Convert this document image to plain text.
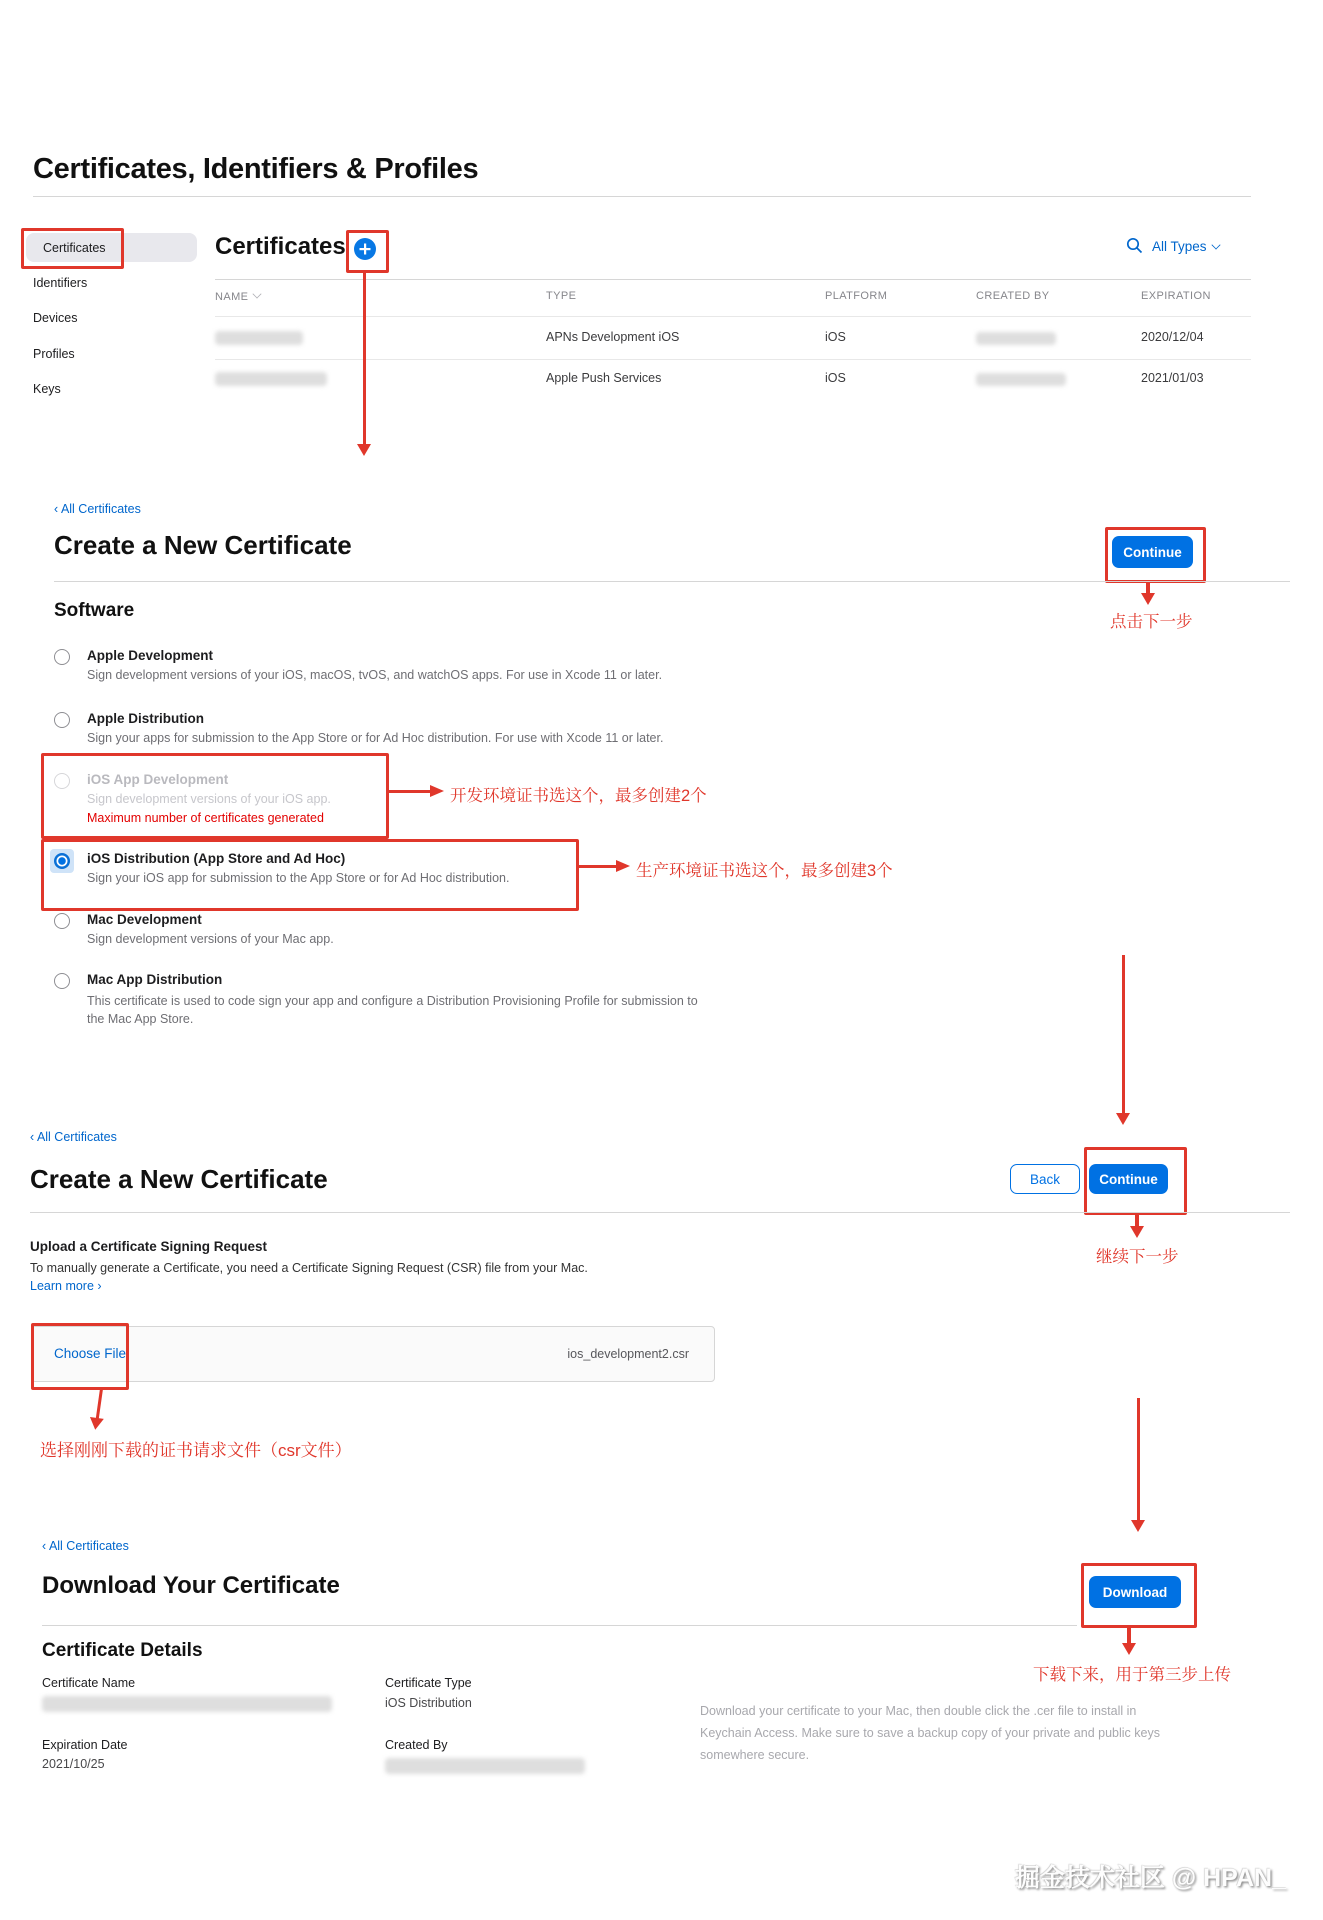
Certificates, Identifiers & Profiles
Certificates
Identifiers
Devices
Profiles
Keys
Certificates	All Types
NAME	TYPE	PLATFORM	CREATED BY	EXPIRATION
APNs Development iOS	iOS	2020/12/04
Apple Push Services	iOS	2021/01/03
‹ All Certificates
Create a New Certificate	Continue
点击下一步
Software
Apple Development
Sign development versions of your iOS, macOS, tvOS, and watchOS apps. For use in Xcode 11 or later.
Apple Distribution
Sign your apps for submission to the App Store or for Ad Hoc distribution. For use with Xcode 11 or later.
iOS App Development
Sign development versions of your iOS app.
Maximum number of certificates generated
开发环境证书选这个，最多创建2个
iOS Distribution (App Store and Ad Hoc)
Sign your iOS app for submission to the App Store or for Ad Hoc distribution.	生产环境证书选这个，最多创建3个
Mac Development
Sign development versions of your Mac app.
Mac App Distribution
This certificate is used to code sign your app and configure a Distribution Provisioning Profile for submission to the Mac App Store.
‹ All Certificates
Create a New Certificate	Back	Continue
继续下一步
Upload a Certificate Signing Request
To manually generate a Certificate, you need a Certificate Signing Request (CSR) file from your Mac.
Learn more ›
Choose File	ios_development2.csr
选择刚刚下载的证书请求文件（csr文件）
‹ All Certificates
Download Your Certificate	Download
下载下来，用于第三步上传
Certificate Details
Certificate Name
Expiration Date
2021/10/25
Certificate Type
iOS Distribution
Created By
Download your certificate to your Mac, then double click the .cer file to install in Keychain Access. Make sure to save a backup copy of your private and public keys somewhere secure.
掘金技术社区 @ HPAN_
